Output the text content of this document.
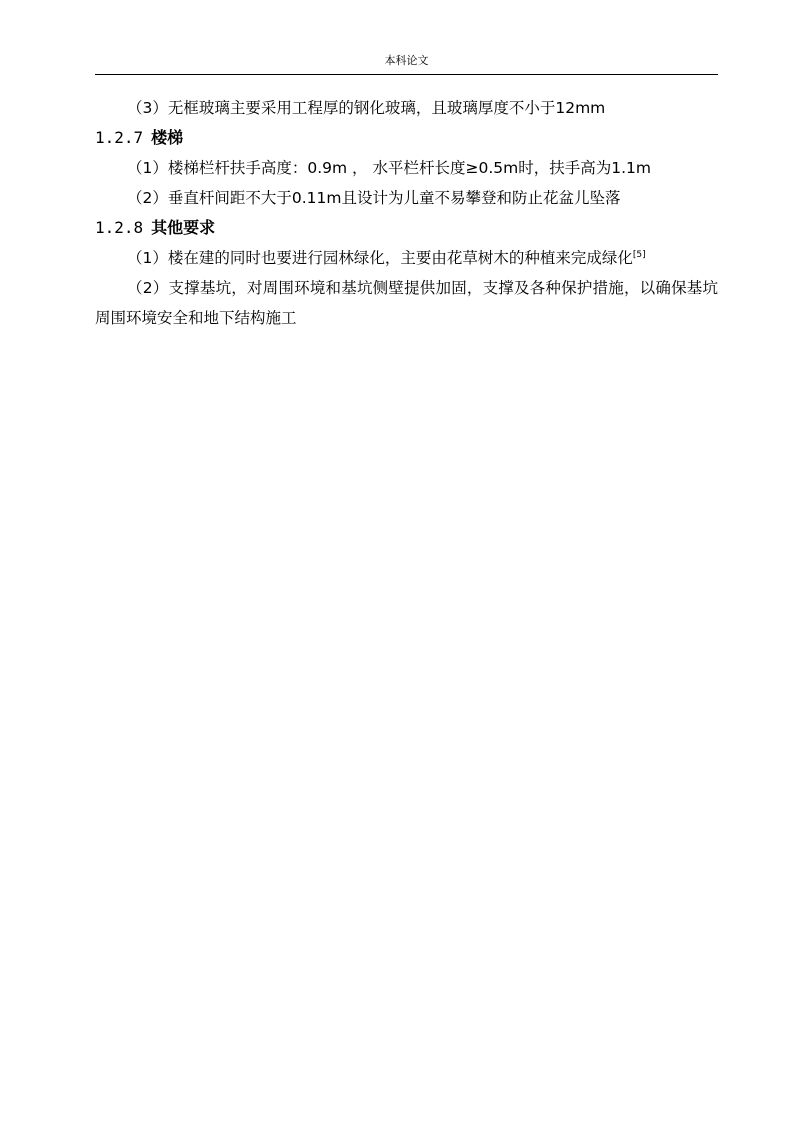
本科论文

（3）无框玻璃主要采用工程厚的钢化玻璃，且玻璃厚度不小于12mm

1.2.7 楼梯

（1）楼梯栏杆扶手高度：0.9m ， 水平栏杆长度≥0.5m时，扶手高为1.1m

（2）垂直杆间距不大于0.11m且设计为儿童不易攀登和防止花盆儿坠落

1.2.8 其他要求

（1）楼在建的同时也要进行园林绿化，主要由花草树木的种植来完成绿化[5]

（2）支撑基坑，对周围环境和基坑侧壁提供加固，支撑及各种保护措施，以确保基坑周围环境安全和地下结构施工
